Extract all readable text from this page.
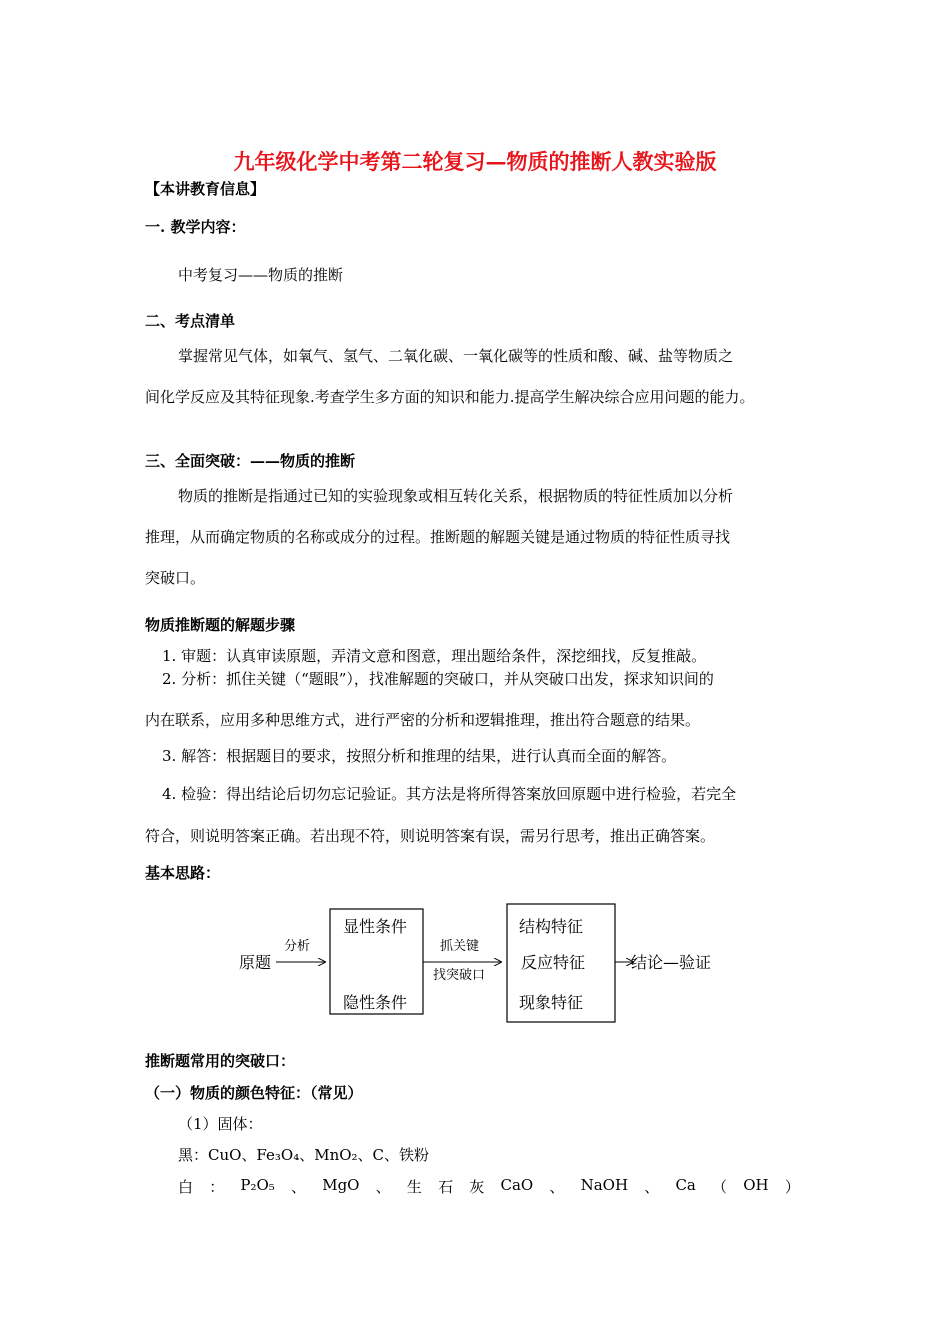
九年级化学中考第二轮复习—物质的推断人教实验版
【本讲教育信息】
一. 教学内容：
中考复习——物质的推断
二、考点清单
掌握常见气体，如氧气、氢气、二氧化碳、一氧化碳等的性质和酸、碱、盐等物质之
间化学反应及其特征现象.考查学生多方面的知识和能力.提高学生解决综合应用问题的能力。
三、全面突破：——物质的推断
物质的推断是指通过已知的实验现象或相互转化关系，根据物质的特征性质加以分析
推理，从而确定物质的名称或成分的过程。推断题的解题关键是通过物质的特征性质寻找
突破口。
物质推断题的解题步骤
1. 审题：认真审读原题，弄清文意和图意，理出题给条件，深挖细找，反复推敲。
2. 分析：抓住关键（“题眼”），找准解题的突破口，并从突破口出发，探求知识间的
内在联系，应用多种思维方式，进行严密的分析和逻辑推理，推出符合题意的结果。
3. 解答：根据题目的要求，按照分析和推理的结果，进行认真而全面的解答。
4. 检验：得出结论后切勿忘记验证。其方法是将所得答案放回原题中进行检验，若完全
符合，则说明答案正确。若出现不符，则说明答案有误，需另行思考，推出正确答案。
基本思路：
原题
分析
显性条件
隐性条件
抓关键
找突破口
结构特征
反应特征
现象特征
结论—验证
推断题常用的突破口：
（一）物质的颜色特征：（常见）
（1）固体：
黑：CuO、Fe₃O₄、MnO₂、C、铁粉
白 ： P₂O₅ 、 MgO 、 生 石 灰 CaO 、 NaOH 、 Ca （ OH ）
